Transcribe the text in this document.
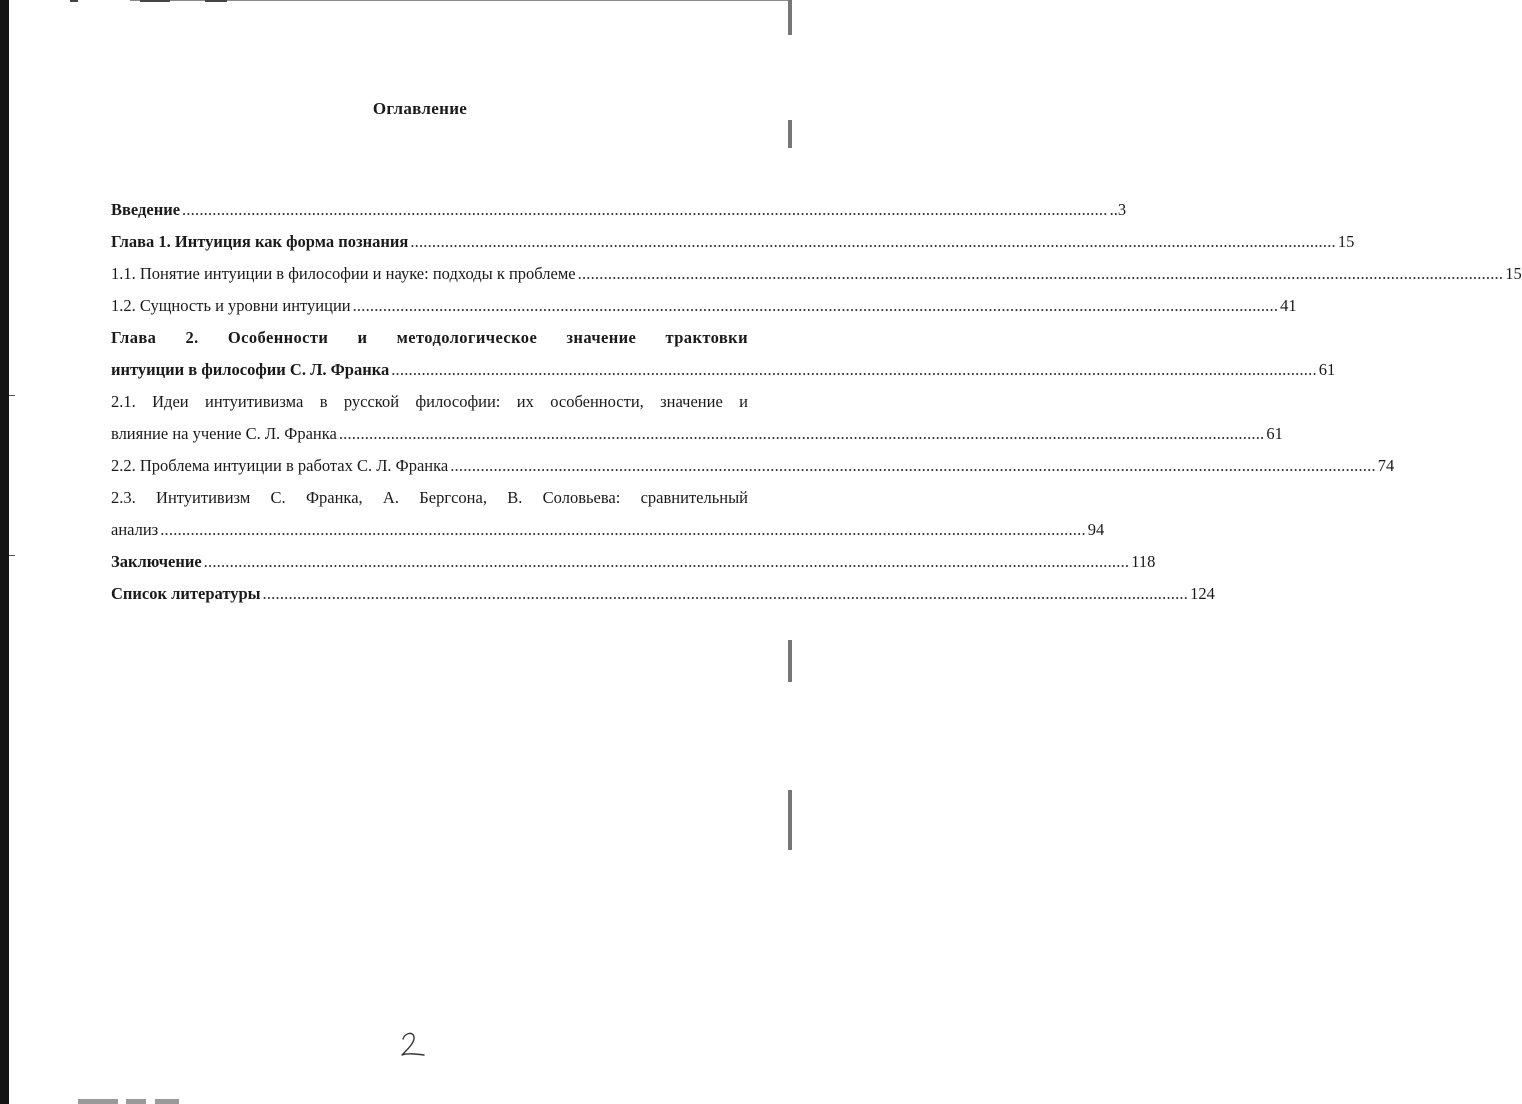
Оглавление
Введение ...................................................................................................................................................................................................................... ..3
Глава 1. Интуиция как форма познания ...................................................................................................................................................................................................................... 15
1.1. Понятие интуиции в философии и науке: подходы к проблеме ...................................................................................................................................................................................................................... 15
1.2. Сущность и уровни интуиции ...................................................................................................................................................................................................................... 41
Глава 2. Особенности и методологическое значение трактовки
интуиции в философии С. Л. Франка ...................................................................................................................................................................................................................... 61
2.1. Идеи интуитивизма в русской философии: их особенности, значение и
влияние на учение С. Л. Франка ...................................................................................................................................................................................................................... 61
2.2. Проблема интуиции в работах С. Л. Франка ...................................................................................................................................................................................................................... 74
2.3. Интуитивизм С. Франка, А. Бергсона, В. Соловьева: сравнительный
анализ ...................................................................................................................................................................................................................... 94
Заключение ...................................................................................................................................................................................................................... 118
Список литературы ...................................................................................................................................................................................................................... 124
